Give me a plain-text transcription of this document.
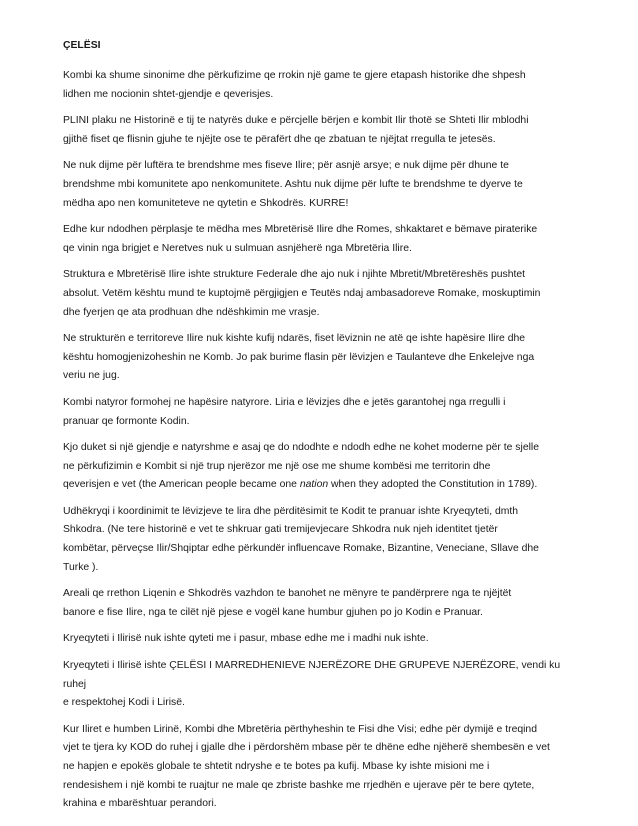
ÇELËSI

Kombi ka shume sinonime dhe përkufizime qe rrokin një game te gjere etapash historike dhe shpesh
lidhen me nocionin shtet-gjendje e qeverisjes.

PLINI plaku ne Historinë e tij te natyrës duke e përcjelle bërjen e kombit Ilir thotë se Shteti Ilir mblodhi
gjithë fiset qe flisnin gjuhe te njëjte ose te përafërt dhe qe zbatuan te njëjtat rregulla te jetesës.

Ne nuk dijme për luftëra te brendshme mes fiseve Ilire; për asnjë arsye; e nuk dijme për dhune te
brendshme mbi komunitete apo nenkomunitete. Ashtu nuk dijme për lufte te brendshme te dyerve te
mëdha apo nen komuniteteve ne qytetin e Shkodrës. KURRE!

Edhe kur ndodhen përplasje te mëdha mes Mbretërisë Ilire dhe Romes, shkaktaret e bëmave piraterike
qe vinin nga brigjet e Neretves nuk u sulmuan asnjëherë nga Mbretëria Ilire.

Struktura e Mbretërisë Ilire ishte strukture Federale dhe ajo nuk i njihte Mbretit/Mbretëreshës pushtet
absolut. Vetëm kështu mund te kuptojmë përgjigjen e Teutës ndaj ambasadoreve Romake, moskuptimin
dhe fyerjen qe ata prodhuan dhe ndëshkimin me vrasje.

Ne strukturën e territoreve Ilire nuk kishte kufij ndarës, fiset lëviznin ne atë qe ishte hapësire Ilire dhe
kështu homogjenizoheshin ne Komb. Jo pak burime flasin për lëvizjen e Taulanteve dhe Enkelejve nga
veriu ne jug.

Kombi natyror formohej ne hapësire natyrore. Liria e lëvizjes dhe e jetës garantohej nga rregulli i
pranuar qe formonte Kodin.

Kjo duket si një gjendje e natyrshme e asaj qe do ndodhte e ndodh edhe ne kohet moderne për te sjelle
ne përkufizimin e Kombit si një trup njerëzor me një ose me shume kombësi me territorin dhe
qeverisjen e vet (the American people became one nation when they adopted the Constitution in 1789).

Udhëkryqi i koordinimit te lëvizjeve te lira dhe përditësimit te Kodit te pranuar ishte Kryeqyteti, dmth
Shkodra. (Ne tere historinë e vet te shkruar gati tremijevjecare Shkodra nuk njeh identitet tjetër
kombëtar, përveçse Ilir/Shqiptar edhe përkundër influencave Romake, Bizantine, Veneciane, Sllave dhe
Turke ).

Areali qe rrethon Liqenin e Shkodrës vazhdon te banohet ne mënyre te pandërprere nga te njëjtët
banore e fise Ilire, nga te cilët një pjese e vogël kane humbur gjuhen po jo Kodin e Pranuar.

Kryeqyteti i Ilirisë nuk ishte qyteti me i pasur, mbase edhe me i madhi nuk ishte.

Kryeqyteti i Ilirisë ishte ÇELËSI I MARREDHENIEVE NJERËZORE DHE GRUPEVE NJERËZORE, vendi ku ruhej
e respektohej Kodi i Lirisë.

Kur Iliret e humben Lirinë, Kombi dhe Mbretëria përthyheshin te Fisi dhe Visi; edhe për dymijë e treqind
vjet te tjera ky KOD do ruhej i gjalle dhe i përdorshëm mbase për te dhëne edhe njëherë shembesën e vet
ne hapjen e epokës globale te shtetit ndryshe e te botes pa kufij. Mbase ky ishte misioni me i
rendesishem i një kombi te ruajtur ne male qe zbriste bashke me rrjedhën e ujerave për te bere qytete,
krahina e mbarështuar perandori.
